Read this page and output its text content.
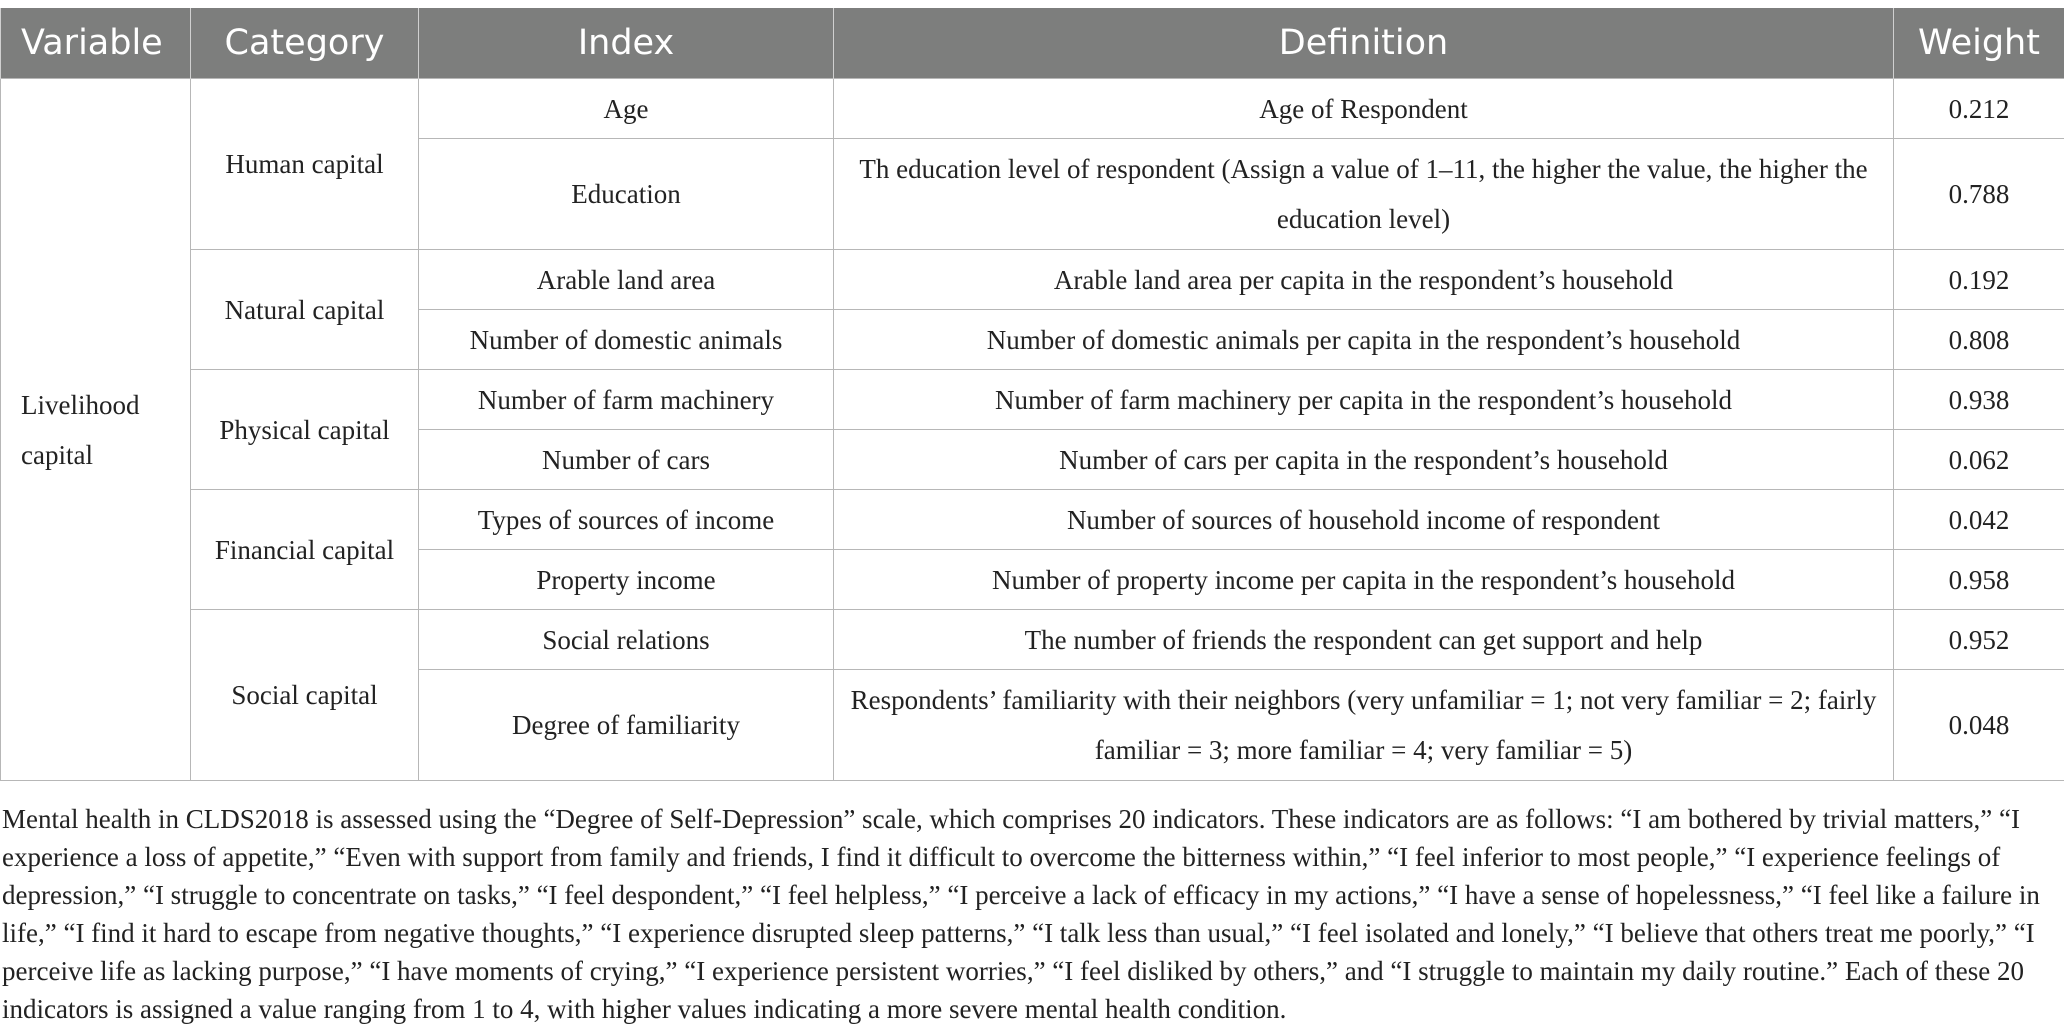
Variable	Category	Index	Definition	Weight
Livelihood capital	Human capital	Age	Age of Respondent	0.212
		Education	Th education level of respondent (Assign a value of 1–11, the higher the value, the higher the education level)	0.788
	Natural capital	Arable land area	Arable land area per capita in the respondent’s household	0.192
		Number of domestic animals	Number of domestic animals per capita in the respondent’s household	0.808
	Physical capital	Number of farm machinery	Number of farm machinery per capita in the respondent’s household	0.938
		Number of cars	Number of cars per capita in the respondent’s household	0.062
	Financial capital	Types of sources of income	Number of sources of household income of respondent	0.042
		Property income	Number of property income per capita in the respondent’s household	0.958
	Social capital	Social relations	The number of friends the respondent can get support and help	0.952
		Degree of familiarity	Respondents’ familiarity with their neighbors (very unfamiliar = 1; not very familiar = 2; fairly familiar = 3; more familiar = 4; very familiar = 5)	0.048

Mental health in CLDS2018 is assessed using the “Degree of Self-Depression” scale, which comprises 20 indicators. These indicators are as follows: “I am bothered by trivial matters,” “I experience a loss of appetite,” “Even with support from family and friends, I find it difficult to overcome the bitterness within,” “I feel inferior to most people,” “I experience feelings of depression,” “I struggle to concentrate on tasks,” “I feel despondent,” “I feel helpless,” “I perceive a lack of efficacy in my actions,” “I have a sense of hopelessness,” “I feel like a failure in life,” “I find it hard to escape from negative thoughts,” “I experience disrupted sleep patterns,” “I talk less than usual,” “I feel isolated and lonely,” “I believe that others treat me poorly,” “I perceive life as lacking purpose,” “I have moments of crying,” “I experience persistent worries,” “I feel disliked by others,” and “I struggle to maintain my daily routine.” Each of these 20 indicators is assigned a value ranging from 1 to 4, with higher values indicating a more severe mental health condition.
